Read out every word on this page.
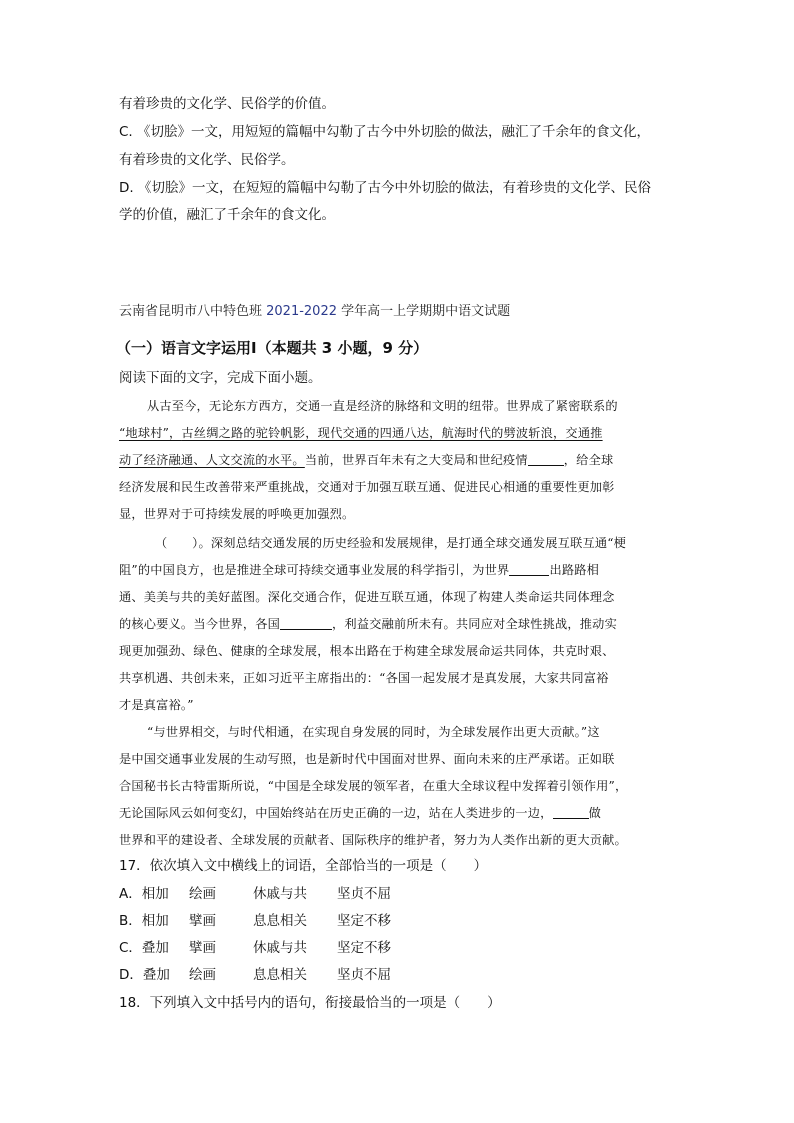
有着珍贵的文化学、民俗学的价值。
C. 《切脍》一文，用短短的篇幅中勾勒了古今中外切脍的做法，融汇了千余年的食文化，
有着珍贵的文化学、民俗学。
D. 《切脍》一文，在短短的篇幅中勾勒了古今中外切脍的做法，有着珍贵的文化学、民俗
学的价值，融汇了千余年的食文化。
云南省昆明市八中特色班 2021-2022 学年高一上学期期中语文试题
（一）语言文字运用Ⅰ（本题共 3 小题，9 分）
阅读下面的文字，完成下面小题。
从古至今，无论东方西方，交通一直是经济的脉络和文明的纽带。世界成了紧密联系的
“地球村”，古丝绸之路的驼铃帆影，现代交通的四通八达，航海时代的劈波斩浪，交通推
动了经济融通、人文交流的水平。当前，世界百年未有之大变局和世纪疫情	，给全球
经济发展和民生改善带来严重挑战，交通对于加强互联互通、促进民心相通的重要性更加彰
显，世界对于可持续发展的呼唤更加强烈。
（　　）。深刻总结交通发展的历史经验和发展规律，是打通全球交通发展互联互通“梗
阻”的中国良方，也是推进全球可持续交通事业发展的科学指引，为世界	出路路相
通、美美与共的美好蓝图。深化交通合作，促进互联互通，体现了构建人类命运共同体理念
的核心要义。当今世界，各国	，利益交融前所未有。共同应对全球性挑战，推动实
现更加强劲、绿色、健康的全球发展，根本出路在于构建全球发展命运共同体，共克时艰、
共享机遇、共创未来，正如习近平主席指出的：“各国一起发展才是真发展，大家共同富裕
才是真富裕。”
“与世界相交，与时代相通，在实现自身发展的同时，为全球发展作出更大贡献。”这
是中国交通事业发展的生动写照，也是新时代中国面对世界、面向未来的庄严承诺。正如联
合国秘书长古特雷斯所说，“中国是全球发展的领军者，在重大全球议程中发挥着引领作用”，
无论国际风云如何变幻，中国始终站在历史正确的一边，站在人类进步的一边，	做
世界和平的建设者、全球发展的贡献者、国际秩序的维护者，努力为人类作出新的更大贡献。
17．依次填入文中横线上的词语，全部恰当的一项是（　　）
A．相加 绘画	休戚与共 坚贞不屈
B．相加 擘画	息息相关 坚定不移
C．叠加 擘画	休戚与共 坚定不移
D．叠加 绘画	息息相关 坚贞不屈
18．下列填入文中括号内的语句，衔接最恰当的一项是（　　）
